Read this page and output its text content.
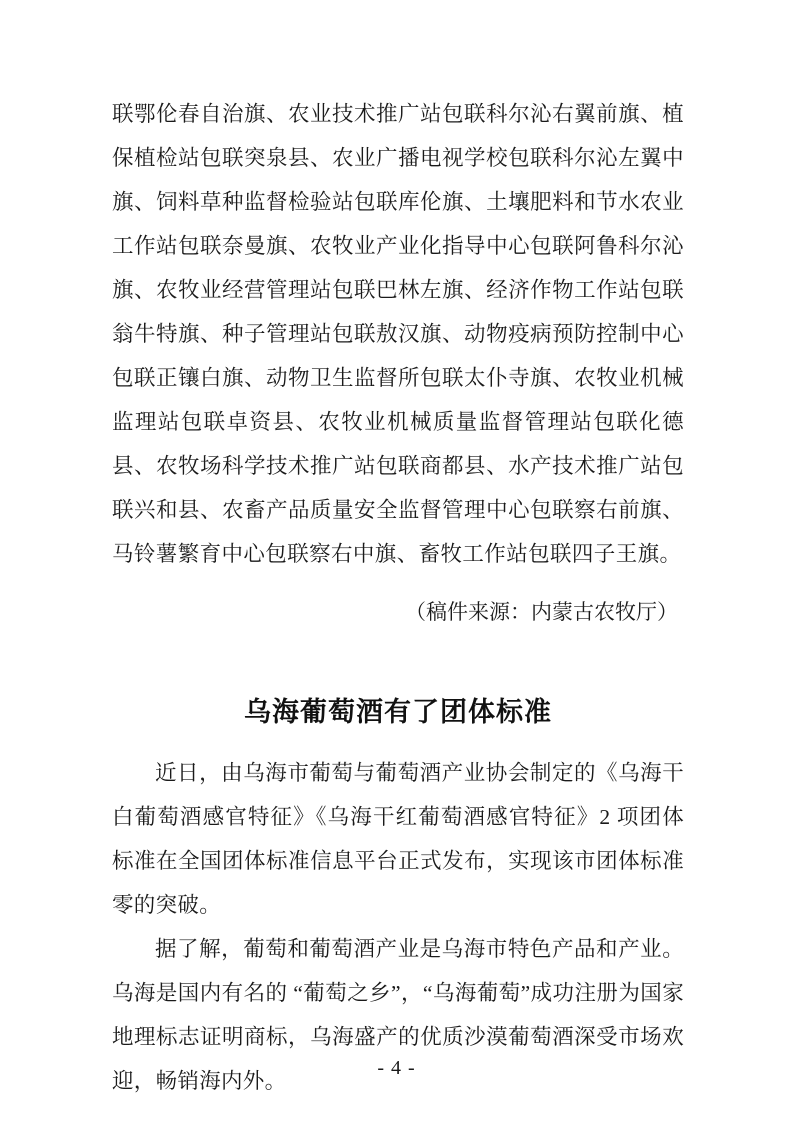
联鄂伦春自治旗、农业技术推广站包联科尔沁右翼前旗、植保植检站包联突泉县、农业广播电视学校包联科尔沁左翼中旗、饲料草种监督检验站包联库伦旗、土壤肥料和节水农业工作站包联奈曼旗、农牧业产业化指导中心包联阿鲁科尔沁旗、农牧业经营管理站包联巴林左旗、经济作物工作站包联翁牛特旗、种子管理站包联敖汉旗、动物疫病预防控制中心包联正镶白旗、动物卫生监督所包联太仆寺旗、农牧业机械监理站包联卓资县、农牧业机械质量监督管理站包联化德县、农牧场科学技术推广站包联商都县、水产技术推广站包联兴和县、农畜产品质量安全监督管理中心包联察右前旗、马铃薯繁育中心包联察右中旗、畜牧工作站包联四子王旗。

（稿件来源：内蒙古农牧厅）

乌海葡萄酒有了团体标准

近日，由乌海市葡萄与葡萄酒产业协会制定的《乌海干白葡萄酒感官特征》《乌海干红葡萄酒感官特征》2 项团体标准在全国团体标准信息平台正式发布，实现该市团体标准零的突破。

据了解，葡萄和葡萄酒产业是乌海市特色产品和产业。乌海是国内有名的 “葡萄之乡”，“乌海葡萄”成功注册为国家地理标志证明商标，乌海盛产的优质沙漠葡萄酒深受市场欢迎，畅销海内外。

- 4 -
